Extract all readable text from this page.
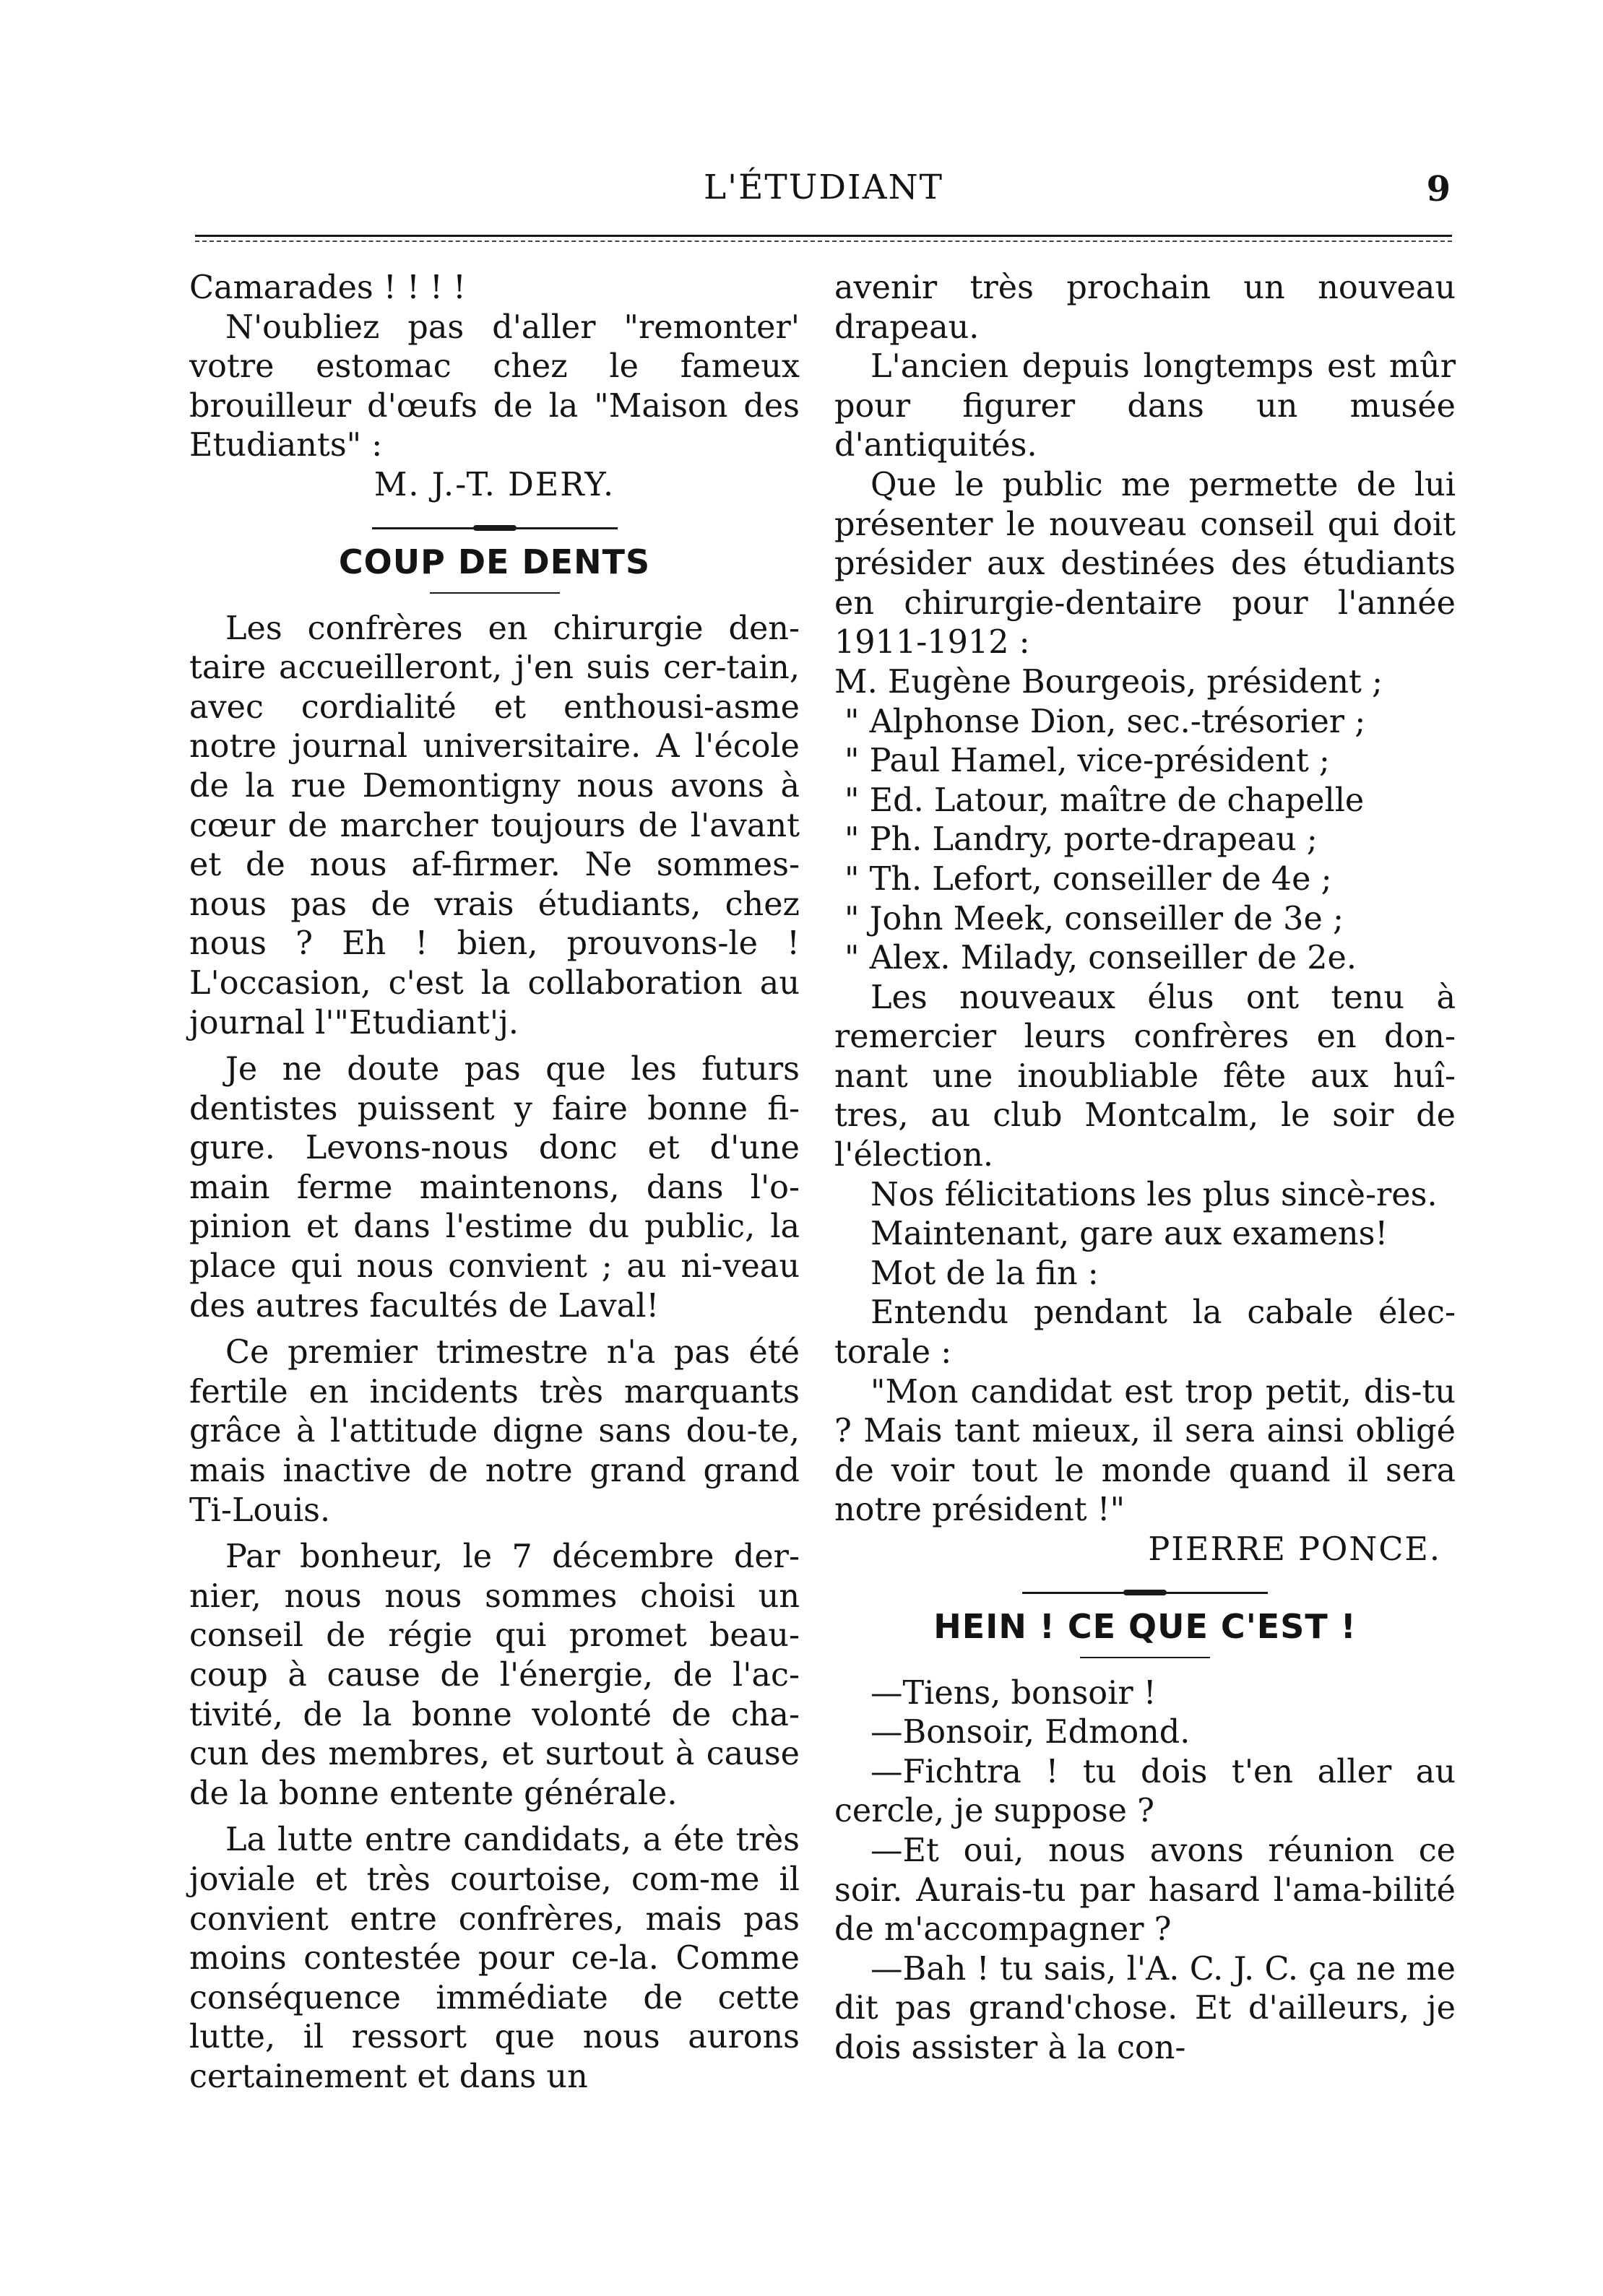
L'ÉTUDIANT	9

Camarades ! ! ! !

N'oubliez pas d'aller "remonter' votre estomac chez le fameux brouilleur d'œufs de la "Maison des Etudiants" :

M. J.-T. DERY.

COUP DE DENTS

Les confrères en chirurgie den-taire accueilleront, j'en suis cer-tain, avec cordialité et enthousi-asme notre journal universitaire. A l'école de la rue Demontigny nous avons à cœur de marcher toujours de l'avant et de nous af-firmer. Ne sommes-nous pas de vrais étudiants, chez nous ? Eh ! bien, prouvons-le ! L'occasion, c'est la collaboration au journal l'"Etudiant'j.

Je ne doute pas que les futurs dentistes puissent y faire bonne fi-gure. Levons-nous donc et d'une main ferme maintenons, dans l'o-pinion et dans l'estime du public, la place qui nous convient ; au ni-veau des autres facultés de Laval!

Ce premier trimestre n'a pas été fertile en incidents très marquants grâce à l'attitude digne sans dou-te, mais inactive de notre grand grand Ti-Louis.

Par bonheur, le 7 décembre der-nier, nous nous sommes choisi un conseil de régie qui promet beau-coup à cause de l'énergie, de l'ac-tivité, de la bonne volonté de cha-cun des membres, et surtout à cause de la bonne entente générale.

La lutte entre candidats, a éte très joviale et très courtoise, com-me il convient entre confrères, mais pas moins contestée pour ce-la. Comme conséquence immédiate de cette lutte, il ressort que nous aurons certainement et dans un

avenir très prochain un nouveau drapeau.

L'ancien depuis longtemps est mûr pour figurer dans un musée d'antiquités.

Que le public me permette de lui présenter le nouveau conseil qui doit présider aux destinées des étudiants en chirurgie-dentaire pour l'année 1911-1912 :

M. Eugène Bourgeois, président ;

" Alphonse Dion, sec.-trésorier ;

" Paul Hamel, vice-président ;

" Ed. Latour, maître de chapelle

" Ph. Landry, porte-drapeau ;

" Th. Lefort, conseiller de 4e ;

" John Meek, conseiller de 3e ;

" Alex. Milady, conseiller de 2e.

Les nouveaux élus ont tenu à remercier leurs confrères en don-nant une inoubliable fête aux huî-tres, au club Montcalm, le soir de l'élection.

Nos félicitations les plus sincè-res.

Maintenant, gare aux examens!

Mot de la fin :

Entendu pendant la cabale élec-torale :

"Mon candidat est trop petit, dis-tu ? Mais tant mieux, il sera ainsi obligé de voir tout le monde quand il sera notre président !"

PIERRE PONCE.

HEIN ! CE QUE C'EST !

—Tiens, bonsoir !

—Bonsoir, Edmond.

—Fichtra ! tu dois t'en aller au cercle, je suppose ?

—Et oui, nous avons réunion ce soir. Aurais-tu par hasard l'ama-bilité de m'accompagner ?

—Bah ! tu sais, l'A. C. J. C. ça ne me dit pas grand'chose. Et d'ailleurs, je dois assister à la con-
